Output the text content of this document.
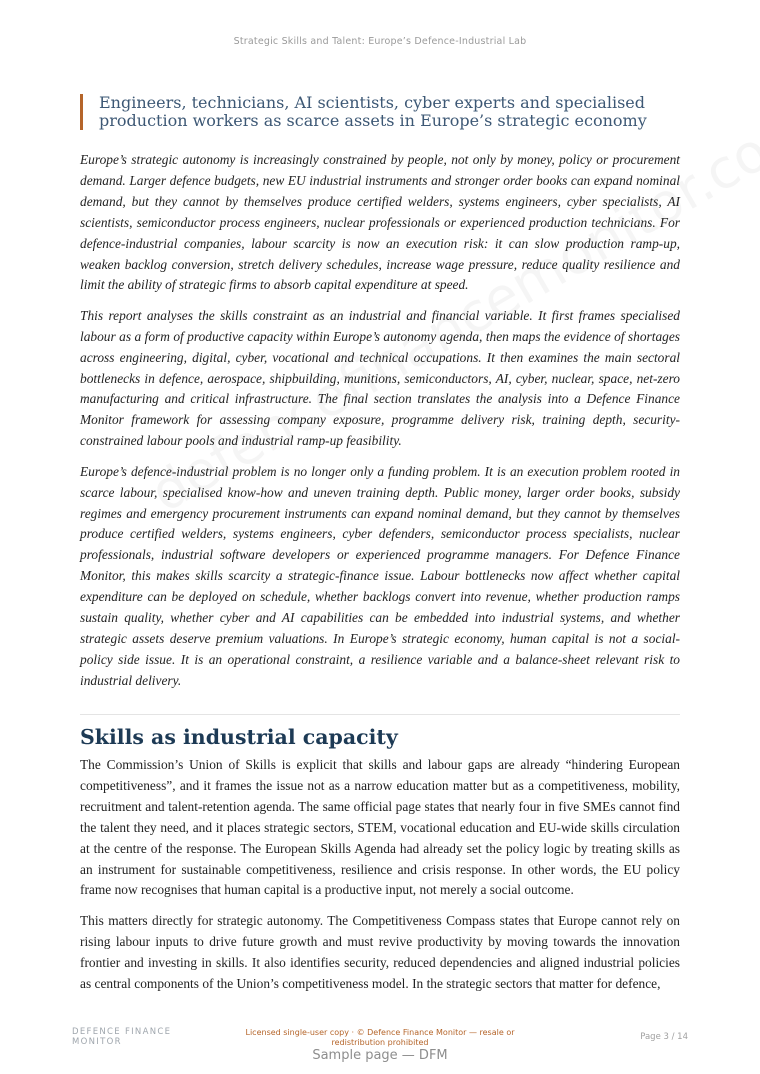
Strategic Skills and Talent: Europe’s Defence-Industrial Lab
Engineers, technicians, AI scientists, cyber experts and specialised production workers as scarce assets in Europe’s strategic economy

Europe’s strategic autonomy is increasingly constrained by people, not only by money, policy or procurement demand. Larger defence budgets, new EU industrial instruments and stronger order books can expand nominal demand, but they cannot by themselves produce certified welders, systems engineers, cyber specialists, AI scientists, semiconductor process engineers, nuclear professionals or experienced production technicians. For defence-industrial companies, labour scarcity is now an execution risk: it can slow production ramp-up, weaken backlog conversion, stretch delivery schedules, increase wage pressure, reduce quality resilience and limit the ability of strategic firms to absorb capital expenditure at speed.

This report analyses the skills constraint as an industrial and financial variable. It first frames specialised labour as a form of productive capacity within Europe’s autonomy agenda, then maps the evidence of shortages across engineering, digital, cyber, vocational and technical occupations. It then examines the main sectoral bottlenecks in defence, aerospace, shipbuilding, munitions, semiconductors, AI, cyber, nuclear, space, net-zero manufacturing and critical infrastructure. The final section translates the analysis into a Defence Finance Monitor framework for assessing company exposure, programme delivery risk, training depth, security-constrained labour pools and industrial ramp-up feasibility.

Europe’s defence-industrial problem is no longer only a funding problem. It is an execution problem rooted in scarce labour, specialised know-how and uneven training depth. Public money, larger order books, subsidy regimes and emergency procurement instruments can expand nominal demand, but they cannot by themselves produce certified welders, systems engineers, cyber defenders, semiconductor process specialists, nuclear professionals, industrial software developers or experienced programme managers. For Defence Finance Monitor, this makes skills scarcity a strategic-finance issue. Labour bottlenecks now affect whether capital expenditure can be deployed on schedule, whether backlogs convert into revenue, whether production ramps sustain quality, whether cyber and AI capabilities can be embedded into industrial systems, and whether strategic assets deserve premium valuations. In Europe’s strategic economy, human capital is not a social-policy side issue. It is an operational constraint, a resilience variable and a balance-sheet relevant risk to industrial delivery.

Skills as industrial capacity

The Commission’s Union of Skills is explicit that skills and labour gaps are already “hindering European competitiveness”, and it frames the issue not as a narrow education matter but as a competitiveness, mobility, recruitment and talent-retention agenda. The same official page states that nearly four in five SMEs cannot find the talent they need, and it places strategic sectors, STEM, vocational education and EU-wide skills circulation at the centre of the response. The European Skills Agenda had already set the policy logic by treating skills as an instrument for sustainable competitiveness, resilience and crisis response. In other words, the EU policy frame now recognises that human capital is a productive input, not merely a social outcome.

This matters directly for strategic autonomy. The Competitiveness Compass states that Europe cannot rely on rising labour inputs to drive future growth and must revive productivity by moving towards the innovation frontier and investing in skills. It also identifies security, reduced dependencies and aligned industrial policies as central components of the Union’s competitiveness model. In the strategic sectors that matter for defence,

DEFENCE FINANCE
MONITOR
Licensed single-user copy · © Defence Finance Monitor — resale or redistribution prohibited
Page 3 / 14
Sample page — DFM
